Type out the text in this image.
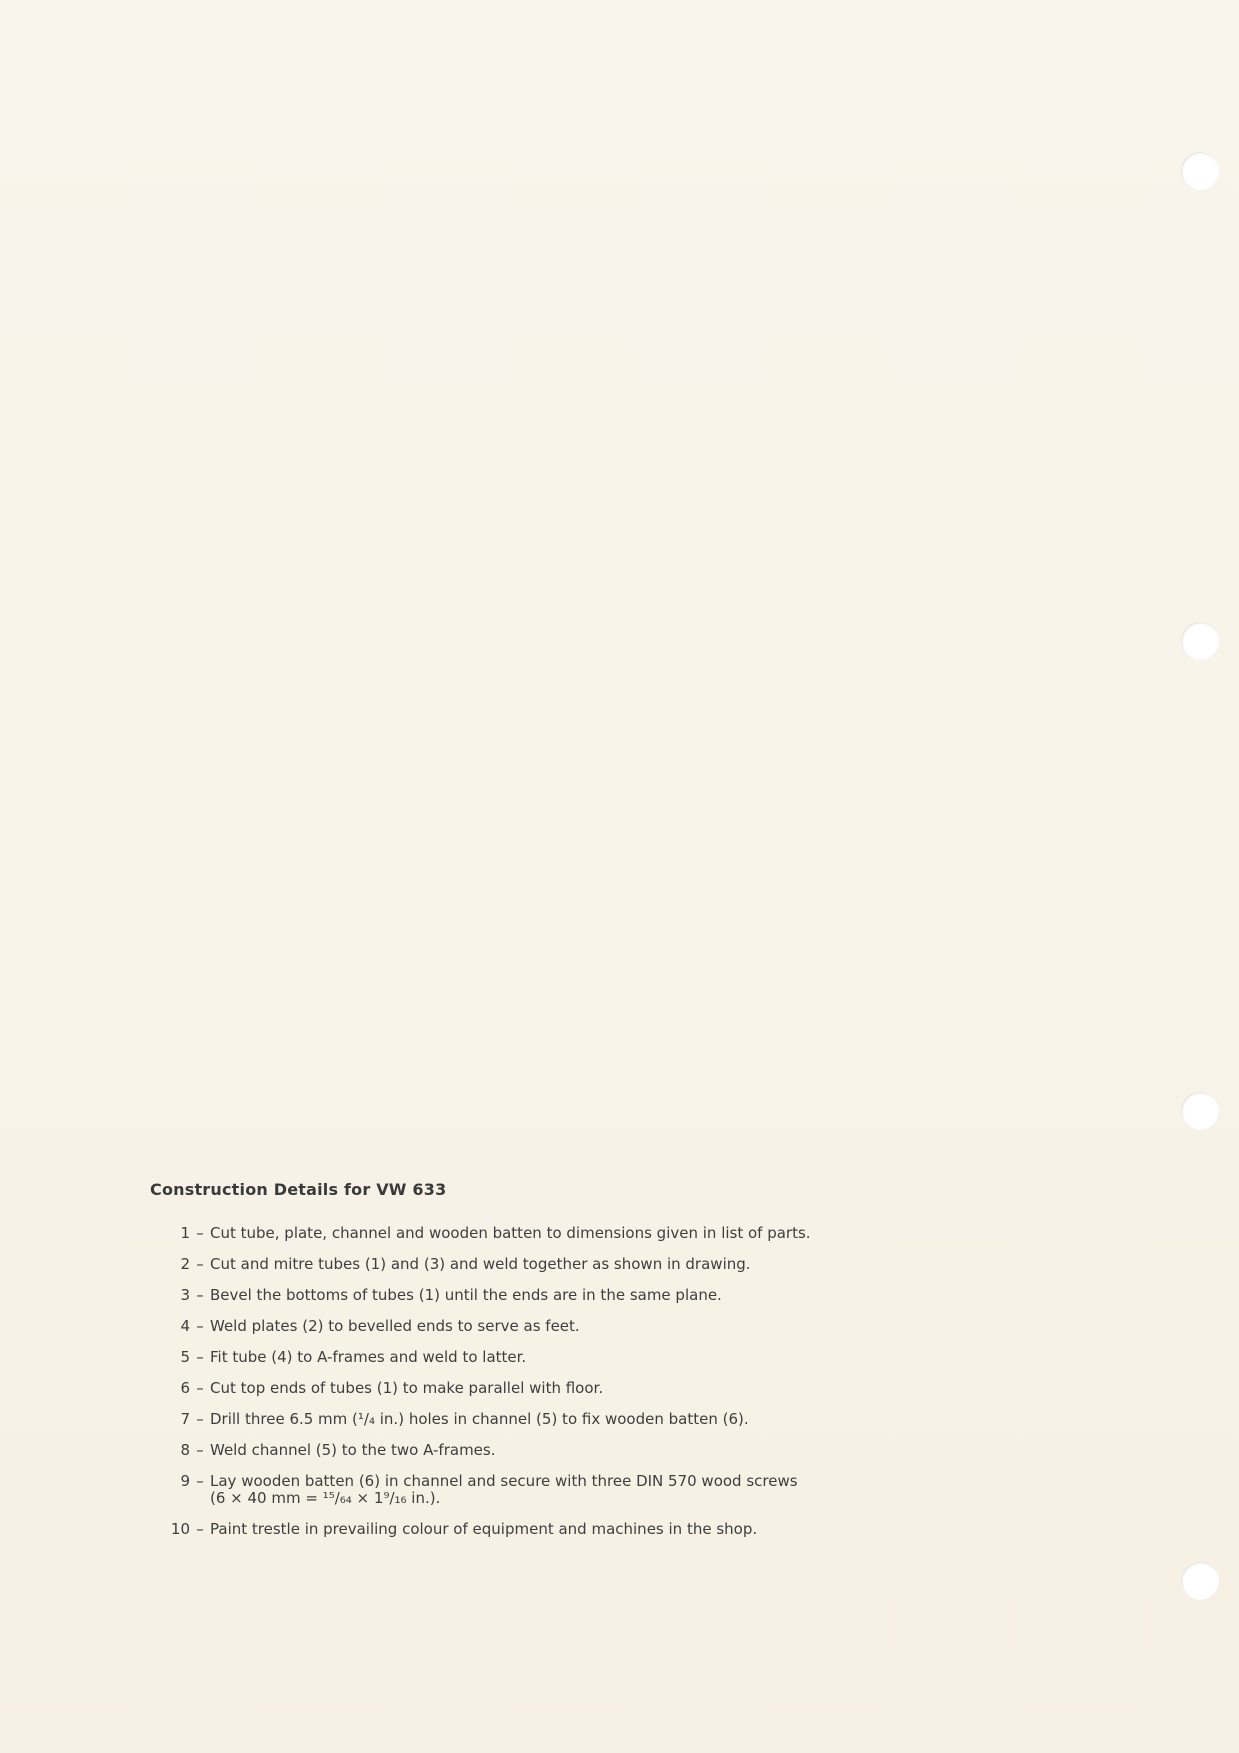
Construction Details for VW 633
1 – Cut tube, plate, channel and wooden batten to dimensions given in list of parts.
2 – Cut and mitre tubes (1) and (3) and weld together as shown in drawing.
3 – Bevel the bottoms of tubes (1) until the ends are in the same plane.
4 – Weld plates (2) to bevelled ends to serve as feet.
5 – Fit tube (4) to A-frames and weld to latter.
6 – Cut top ends of tubes (1) to make parallel with floor.
7 – Drill three 6.5 mm (¹/₄ in.) holes in channel (5) to fix wooden batten (6).
8 – Weld channel (5) to the two A-frames.
9 – Lay wooden batten (6) in channel and secure with three DIN 570 wood screws
(6 × 40 mm = ¹⁵/₆₄ × 1⁹/₁₆ in.).
10 – Paint trestle in prevailing colour of equipment and machines in the shop.
